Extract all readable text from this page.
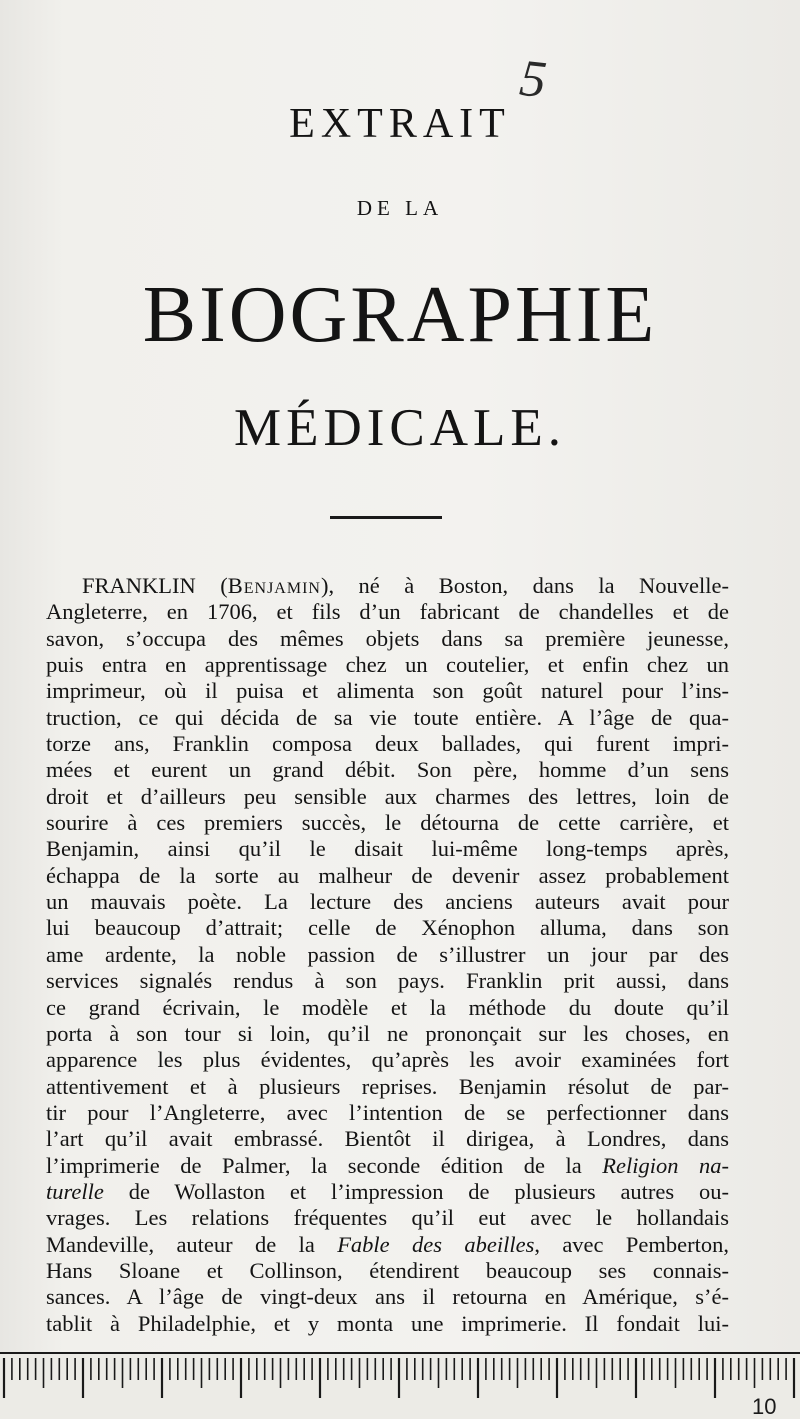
5
EXTRAIT
DE LA
BIOGRAPHIE
MÉDICALE.
FRANKLIN (Benjamin), né à Boston, dans la Nouvelle-
Angleterre, en 1706, et fils d’un fabricant de chandelles et de
savon, s’occupa des mêmes objets dans sa première jeunesse,
puis entra en apprentissage chez un coutelier, et enfin chez un
imprimeur, où il puisa et alimenta son goût naturel pour l’ins-
truction, ce qui décida de sa vie toute entière. A l’âge de qua-
torze ans, Franklin composa deux ballades, qui furent impri-
mées et eurent un grand débit. Son père, homme d’un sens
droit et d’ailleurs peu sensible aux charmes des lettres, loin de
sourire à ces premiers succès, le détourna de cette carrière, et
Benjamin, ainsi qu’il le disait lui-même long-temps après,
échappa de la sorte au malheur de devenir assez probablement
un mauvais poète. La lecture des anciens auteurs avait pour
lui beaucoup d’attrait; celle de Xénophon alluma, dans son
ame ardente, la noble passion de s’illustrer un jour par des
services signalés rendus à son pays. Franklin prit aussi, dans
ce grand écrivain, le modèle et la méthode du doute qu’il
porta à son tour si loin, qu’il ne prononçait sur les choses, en
apparence les plus évidentes, qu’après les avoir examinées fort
attentivement et à plusieurs reprises. Benjamin résolut de par-
tir pour l’Angleterre, avec l’intention de se perfectionner dans
l’art qu’il avait embrassé. Bientôt il dirigea, à Londres, dans
l’imprimerie de Palmer, la seconde édition de la Religion na-
turelle de Wollaston et l’impression de plusieurs autres ou-
vrages. Les relations fréquentes qu’il eut avec le hollandais
Mandeville, auteur de la Fable des abeilles, avec Pemberton,
Hans Sloane et Collinson, étendirent beaucoup ses connais-
sances. A l’âge de vingt-deux ans il retourna en Amérique, s’é-
tablit à Philadelphie, et y monta une imprimerie. Il fondait lui-
10
